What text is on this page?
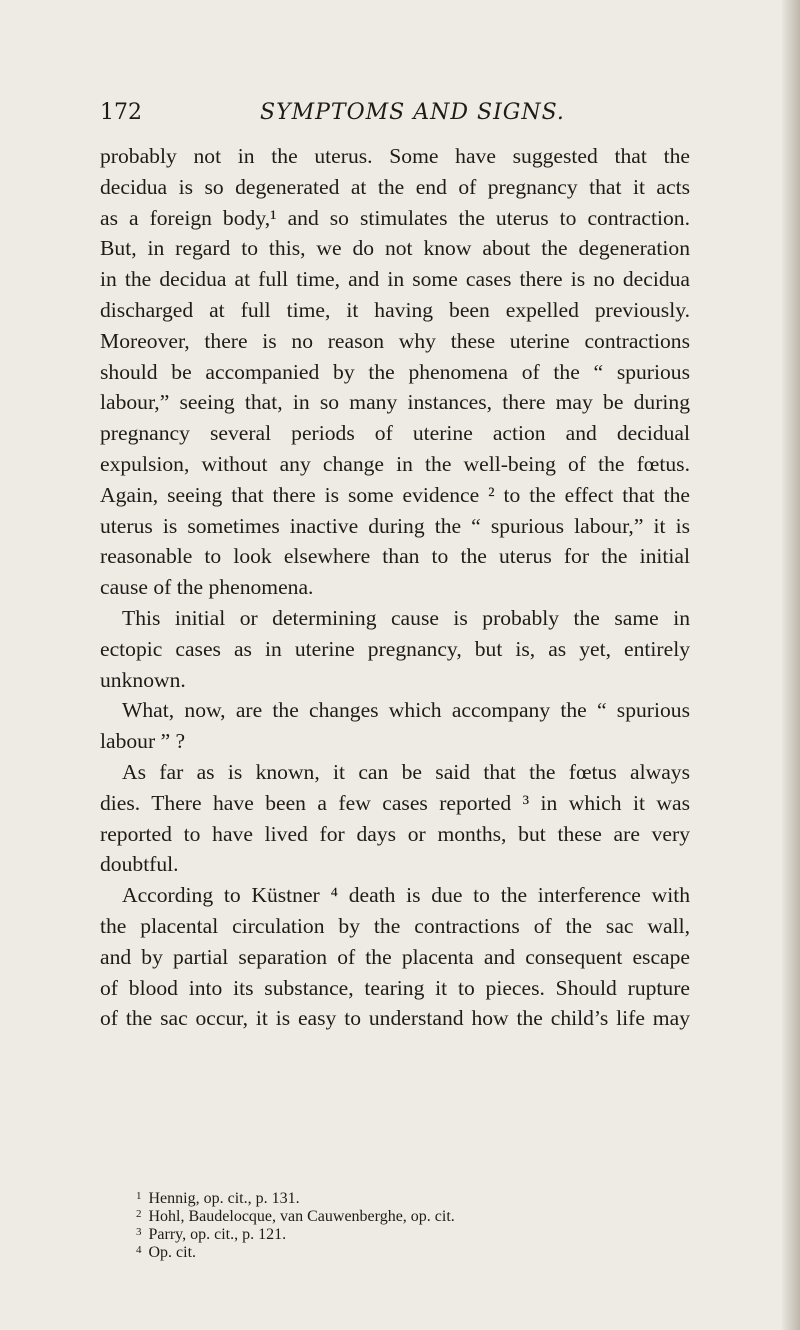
172	SYMPTOMS AND SIGNS.
probably not in the uterus. Some have suggested that the
decidua is so degenerated at the end of pregnancy that it acts
as a foreign body,¹ and so stimulates the uterus to contraction.
But, in regard to this, we do not know about the degeneration
in the decidua at full time, and in some cases there is no decidua
discharged at full time, it having been expelled previously.
Moreover, there is no reason why these uterine contractions
should be accompanied by the phenomena of the “ spurious
labour,” seeing that, in so many instances, there may be during
pregnancy several periods of uterine action and decidual
expulsion, without any change in the well-being of the fœtus.
Again, seeing that there is some evidence ² to the effect that the
uterus is sometimes inactive during the “ spurious labour,” it is
reasonable to look elsewhere than to the uterus for the initial
cause of the phenomena.
This initial or determining cause is probably the same in
ectopic cases as in uterine pregnancy, but is, as yet, entirely
unknown.
What, now, are the changes which accompany the “ spurious
labour ” ?
As far as is known, it can be said that the fœtus always
dies. There have been a few cases reported ³ in which it was
reported to have lived for days or months, but these are very
doubtful.
According to Küstner ⁴ death is due to the interference with
the placental circulation by the contractions of the sac wall,
and by partial separation of the placenta and consequent escape
of blood into its substance, tearing it to pieces. Should rupture
of the sac occur, it is easy to understand how the child’s life may
$^1$ Hennig, op. cit., p. 131.
$^2$ Hohl, Baudelocque, van Cauwenberghe, op. cit.
$^3$ Parry, op. cit., p. 121.
$^4$ Op. cit.
